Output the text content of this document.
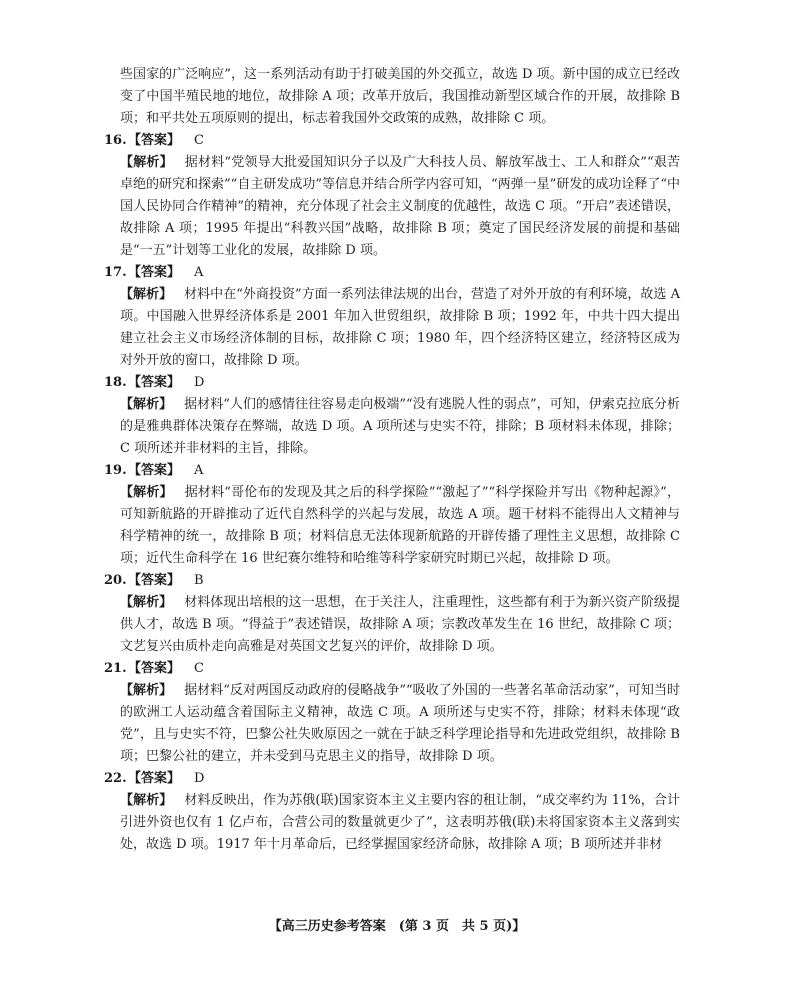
些国家的广泛响应”，这一系列活动有助于打破美国的外交孤立，故选 D 项。新中国的成立已经改变了中国半殖民地的地位，故排除 A 项；改革开放后，我国推动新型区域合作的开展，故排除 B 项；和平共处五项原则的提出，标志着我国外交政策的成熟，故排除 C 项。

16. 【答案】 C

【解析】 据材料“党领导大批爱国知识分子以及广大科技人员、解放军战士、工人和群众”“艰苦卓绝的研究和探索”“自主研发成功”等信息并结合所学内容可知，“两弹一星”研发的成功诠释了“中国人民协同合作精神”的精神，充分体现了社会主义制度的优越性，故选 C 项。“开启”表述错误，故排除 A 项；1995 年提出“科教兴国”战略，故排除 B 项；奠定了国民经济发展的前提和基础是“一五”计划等工业化的发展，故排除 D 项。

17. 【答案】 A

【解析】 材料中在“外商投资”方面一系列法律法规的出台，营造了对外开放的有利环境，故选 A 项。中国融入世界经济体系是 2001 年加入世贸组织，故排除 B 项；1992 年，中共十四大提出建立社会主义市场经济体制的目标，故排除 C 项；1980 年，四个经济特区建立，经济特区成为对外开放的窗口，故排除 D 项。

18. 【答案】 D

【解析】 据材料“人们的感情往往容易走向极端”“没有逃脱人性的弱点”，可知，伊索克拉底分析的是雅典群体决策存在弊端，故选 D 项。A 项所述与史实不符，排除；B 项材料未体现，排除；C 项所述并非材料的主旨，排除。

19. 【答案】 A

【解析】 据材料“哥伦布的发现及其之后的科学探险”“激起了”“科学探险并写出《物种起源》”，可知新航路的开辟推动了近代自然科学的兴起与发展，故选 A 项。题干材料不能得出人文精神与科学精神的统一，故排除 B 项；材料信息无法体现新航路的开辟传播了理性主义思想，故排除 C 项；近代生命科学在 16 世纪赛尔维特和哈维等科学家研究时期已兴起，故排除 D 项。

20. 【答案】 B

【解析】 材料体现出培根的这一思想，在于关注人，注重理性，这些都有利于为新兴资产阶级提供人才，故选 B 项。“得益于”表述错误，故排除 A 项；宗教改革发生在 16 世纪，故排除 C 项；文艺复兴由质朴走向高雅是对英国文艺复兴的评价，故排除 D 项。

21. 【答案】 C

【解析】 据材料“反对两国反动政府的侵略战争”“吸收了外国的一些著名革命活动家”，可知当时的欧洲工人运动蕴含着国际主义精神，故选 C 项。A 项所述与史实不符，排除；材料未体现“政党”，且与史实不符，巴黎公社失败原因之一就在于缺乏科学理论指导和先进政党组织，故排除 B 项；巴黎公社的建立，并未受到马克思主义的指导，故排除 D 项。

22. 【答案】 D

【解析】 材料反映出，作为苏俄(联)国家资本主义主要内容的租让制，“成交率约为 11%，合计引进外资也仅有 1 亿卢布，合营公司的数量就更少了”，这表明苏俄(联)未将国家资本主义落到实处，故选 D 项。1917 年十月革命后，已经掌握国家经济命脉，故排除 A 项；B 项所述并非材

【高三历史参考答案　(第 3 页　共 5 页)】
